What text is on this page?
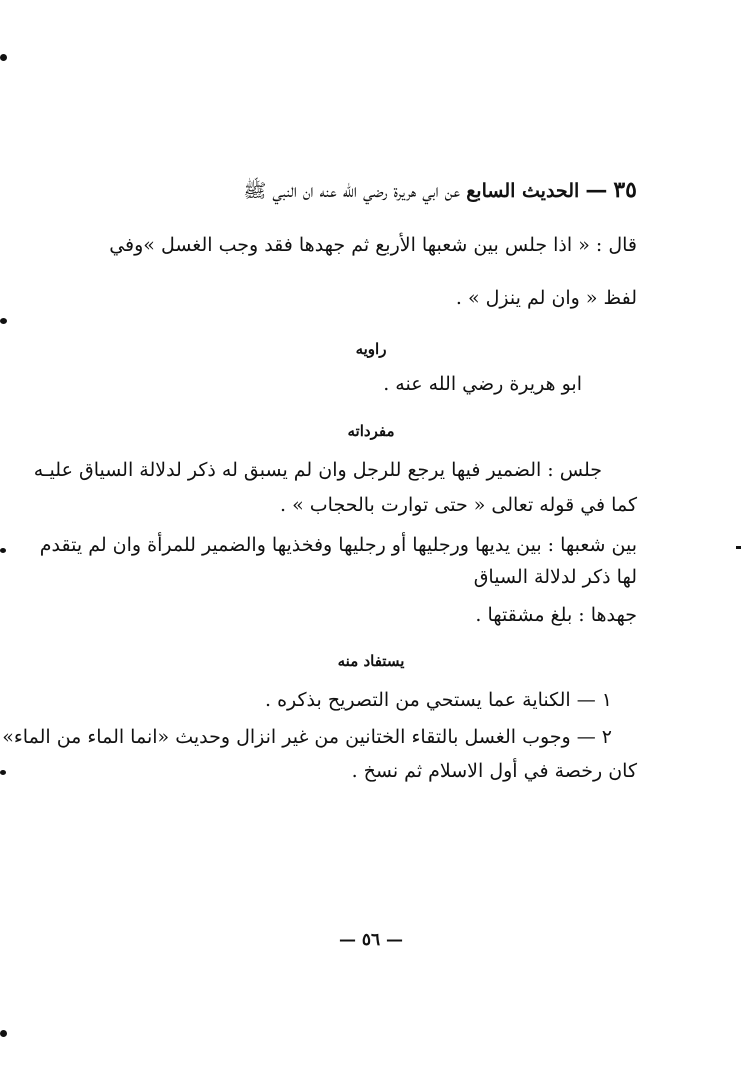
٣٥ — الحديث السابع عن ابي هريرة رضي الله عنه ان النبي ﷺ
قال : « اذا جلس بين شعبها الأربع ثم جهدها فقد وجب الغسل »وفي
لفظ « وان لم ينزل » .
راويه
ابو هريرة رضي الله عنه .
مفرداته
جلس : الضمير فيها يرجع للرجل وان لم يسبق له ذكر لدلالة السياق عليـه
كما في قوله تعالى « حتى توارت بالحجاب » .
بين شعبها : بين يديها ورجليها أو رجليها وفخذيها والضمير للمرأة وان لم يتقدم
لها ذكر لدلالة السياق
جهدها : بلغ مشقتها .
يستفاد منه
١ — الكناية عما يستحي من التصريح بذكره .
٢ — وجوب الغسل بالتقاء الختانين من غير انزال وحديث «انما الماء من الماء»
كان رخصة في أول الاسلام ثم نسخ .
— ٥٦ —
